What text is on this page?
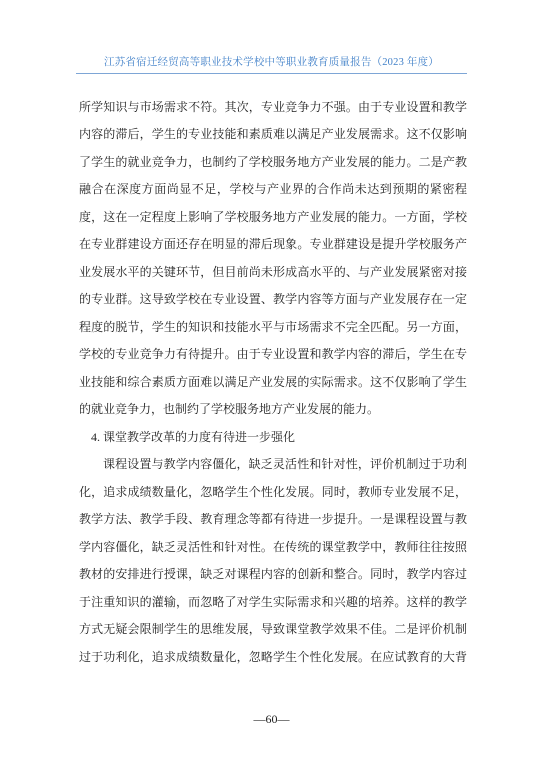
江苏省宿迁经贸高等职业技术学校中等职业教育质量报告（2023 年度）
所学知识与市场需求不符。其次，专业竞争力不强。由于专业设置和教学
内容的滞后，学生的专业技能和素质难以满足产业发展需求。这不仅影响
了学生的就业竞争力，也制约了学校服务地方产业发展的能力。二是产教
融合在深度方面尚显不足，学校与产业界的合作尚未达到预期的紧密程
度，这在一定程度上影响了学校服务地方产业发展的能力。一方面，学校
在专业群建设方面还存在明显的滞后现象。专业群建设是提升学校服务产
业发展水平的关键环节，但目前尚未形成高水平的、与产业发展紧密对接
的专业群。这导致学校在专业设置、教学内容等方面与产业发展存在一定
程度的脱节，学生的知识和技能水平与市场需求不完全匹配。另一方面，
学校的专业竞争力有待提升。由于专业设置和教学内容的滞后，学生在专
业技能和综合素质方面难以满足产业发展的实际需求。这不仅影响了学生
的就业竞争力，也制约了学校服务地方产业发展的能力。
4. 课堂教学改革的力度有待进一步强化
课程设置与教学内容僵化，缺乏灵活性和针对性，评价机制过于功利
化，追求成绩数量化，忽略学生个性化发展。同时，教师专业发展不足，
教学方法、教学手段、教育理念等都有待进一步提升。一是课程设置与教
学内容僵化，缺乏灵活性和针对性。在传统的课堂教学中，教师往往按照
教材的安排进行授课，缺乏对课程内容的创新和整合。同时，教学内容过
于注重知识的灌输，而忽略了对学生实际需求和兴趣的培养。这样的教学
方式无疑会限制学生的思维发展，导致课堂教学效果不佳。二是评价机制
过于功利化，追求成绩数量化，忽略学生个性化发展。在应试教育的大背
—60—
